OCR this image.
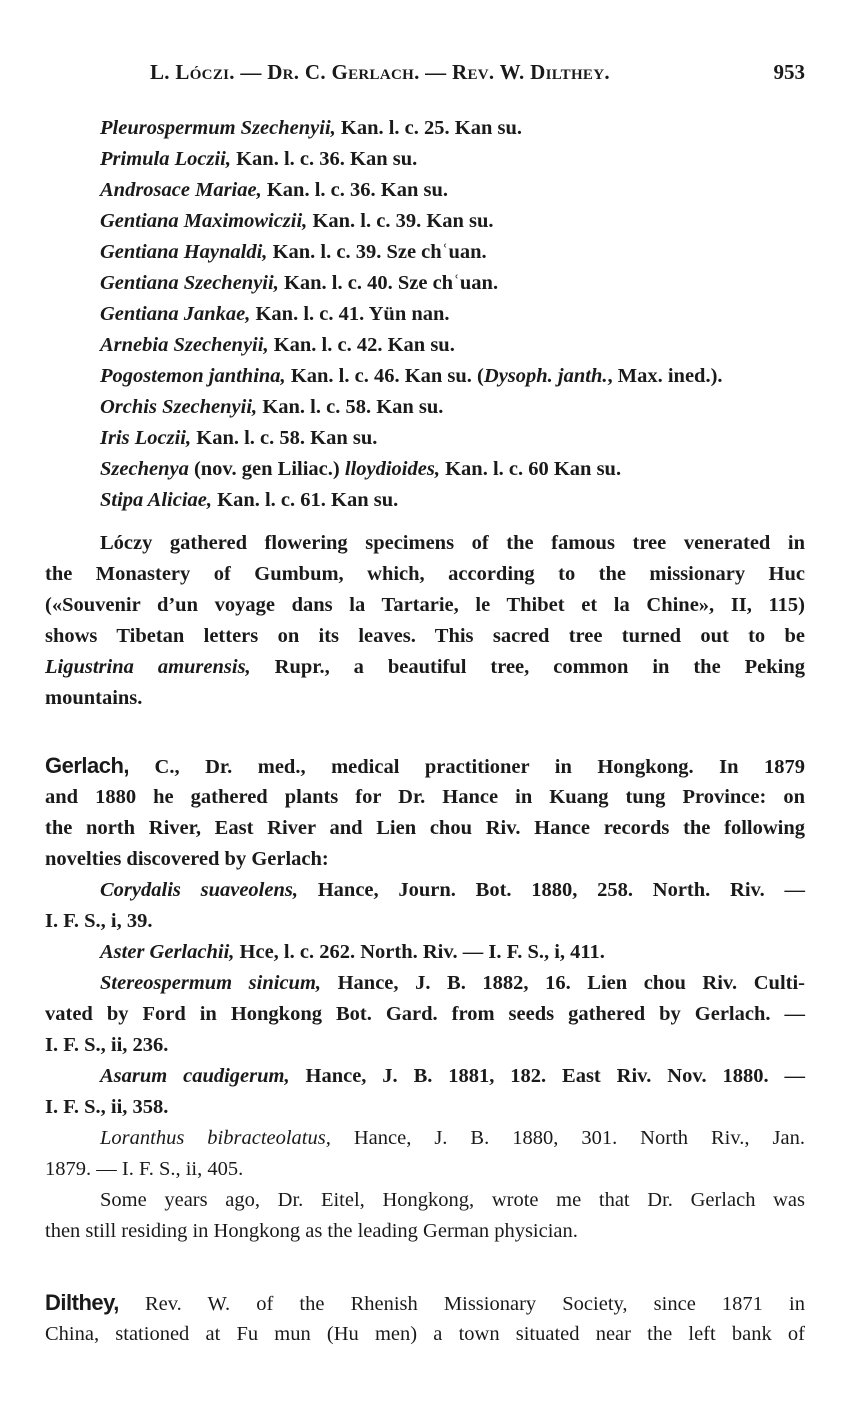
L. Lóczi. — Dr. C. Gerlach. — Rev. W. Dilthey.	953
Pleurospermum Szechenyii, Kan. l. c. 25. Kan su.
Primula Loczii, Kan. l. c. 36. Kan su.
Androsace Mariae, Kan. l. c. 36. Kan su.
Gentiana Maximowiczii, Kan. l. c. 39. Kan su.
Gentiana Haynaldi, Kan. l. c. 39. Sze chʿuan.
Gentiana Szechenyii, Kan. l. c. 40. Sze chʿuan.
Gentiana Jankae, Kan. l. c. 41. Yün nan.
Arnebia Szechenyii, Kan. l. c. 42. Kan su.
Pogostemon janthina, Kan. l. c. 46. Kan su. (Dysoph. janth., Max. ined.).
Orchis Szechenyii, Kan. l. c. 58. Kan su.
Iris Loczii, Kan. l. c. 58. Kan su.
Szechenya (nov. gen Liliac.) lloydioides, Kan. l. c. 60 Kan su.
Stipa Aliciae, Kan. l. c. 61. Kan su.
Lóczy gathered flowering specimens of the famous tree venerated in
the Monastery of Gumbum, which, according to the missionary Huc
(«Souvenir d’un voyage dans la Tartarie, le Thibet et la Chine», II, 115)
shows Tibetan letters on its leaves. This sacred tree turned out to be
Ligustrina amurensis, Rupr., a beautiful tree, common in the Peking
mountains.
Gerlach, C., Dr. med., medical practitioner in Hongkong. In 1879
and 1880 he gathered plants for Dr. Hance in Kuang tung Province: on
the north River, East River and Lien chou Riv. Hance records the following
novelties discovered by Gerlach:
Corydalis suaveolens, Hance, Journ. Bot. 1880, 258. North. Riv. —
I. F. S., i, 39.
Aster Gerlachii, Hce, l. c. 262. North. Riv. — I. F. S., i, 411.
Stereospermum sinicum, Hance, J. B. 1882, 16. Lien chou Riv. Culti-
vated by Ford in Hongkong Bot. Gard. from seeds gathered by Gerlach. —
I. F. S., ii, 236.
Asarum caudigerum, Hance, J. B. 1881, 182. East Riv. Nov. 1880. —
I. F. S., ii, 358.
Loranthus bibracteolatus, Hance, J. B. 1880, 301. North Riv., Jan.
1879. — I. F. S., ii, 405.
Some years ago, Dr. Eitel, Hongkong, wrote me that Dr. Gerlach was
then still residing in Hongkong as the leading German physician.
Dilthey, Rev. W. of the Rhenish Missionary Society, since 1871 in
China, stationed at Fu mun (Hu men) a town situated near the left bank of
